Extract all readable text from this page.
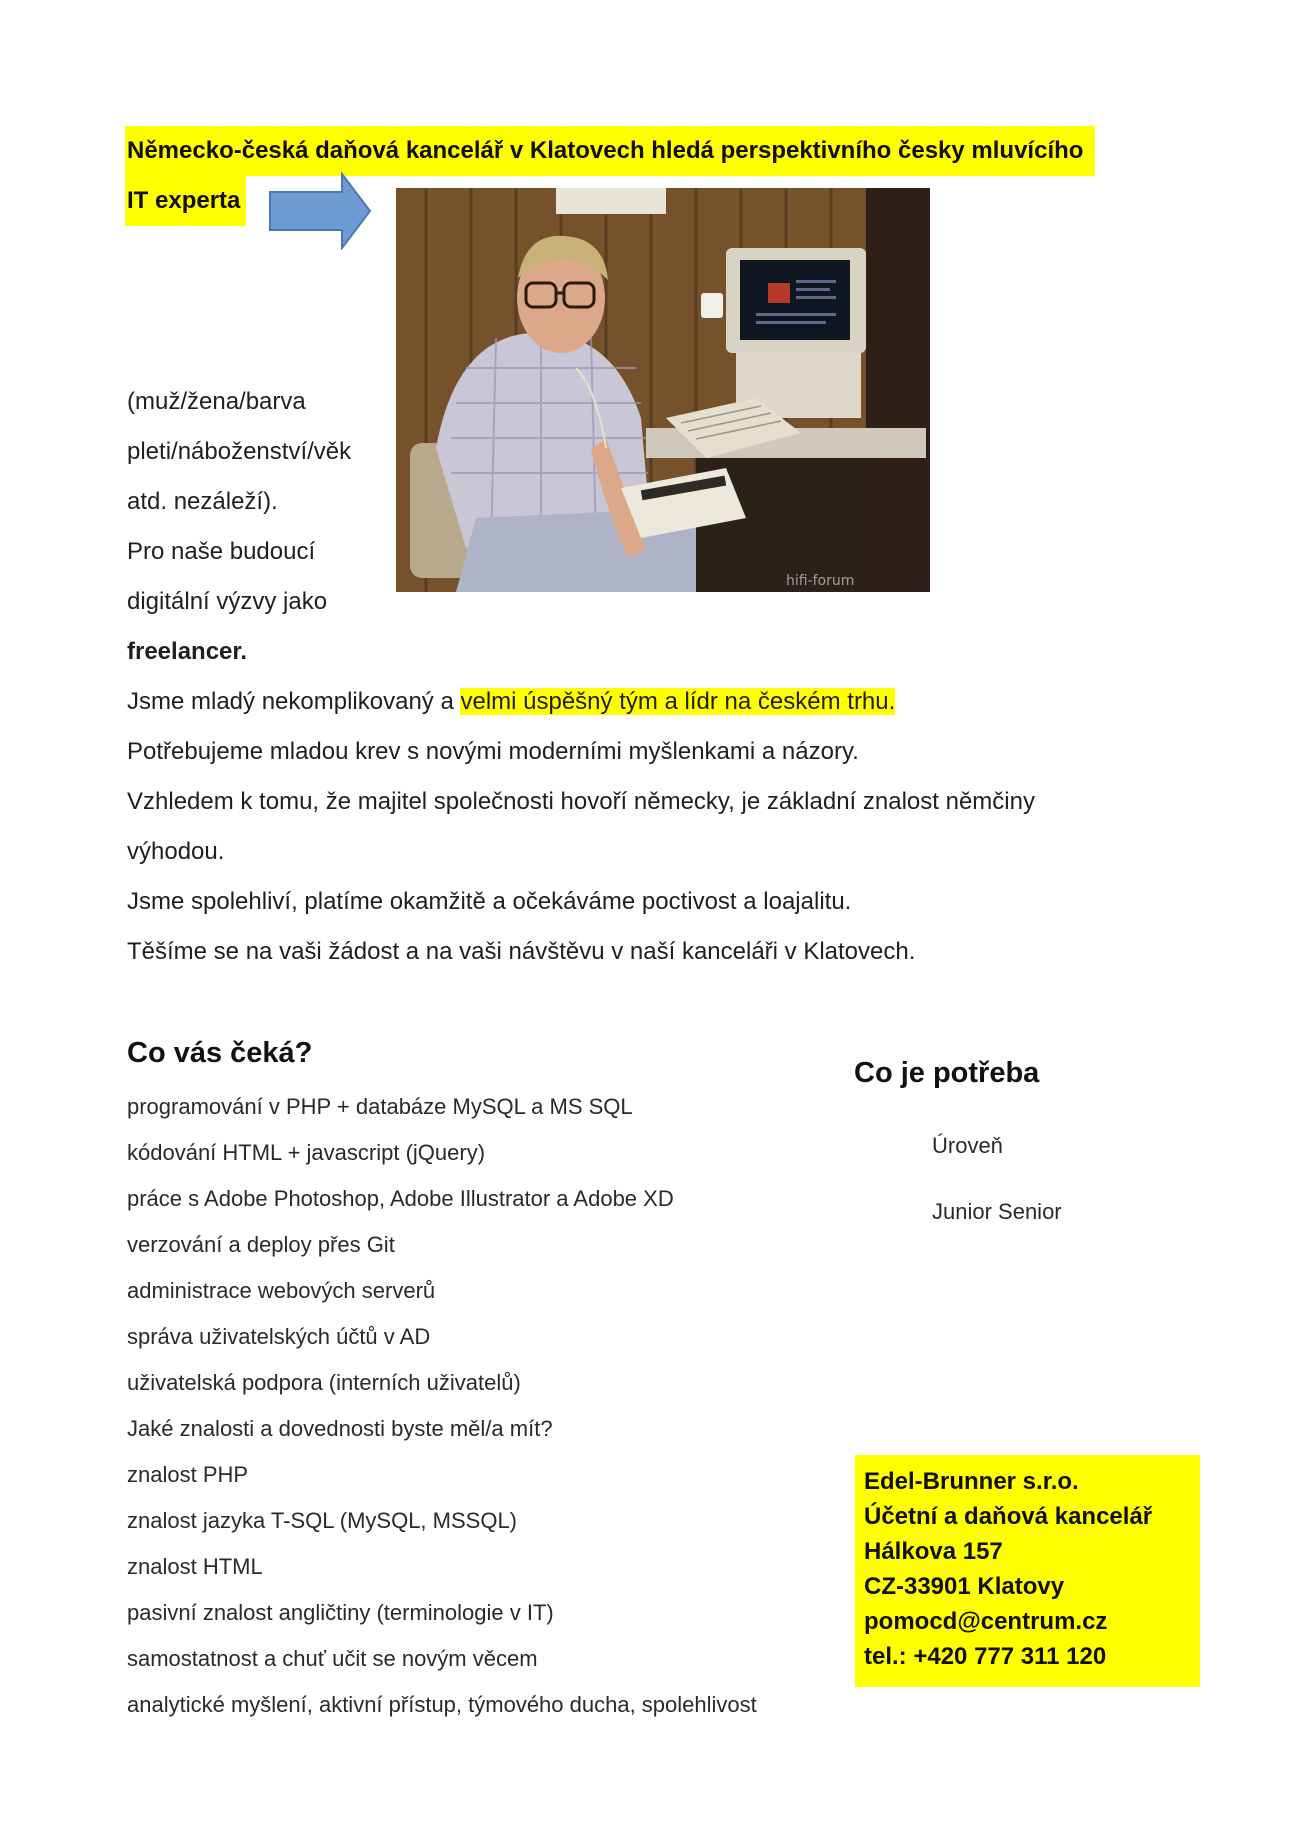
Německo-česká daňová kancelář v Klatovech hledá perspektivního česky mluvícího
IT experta
hifi-forum
(muž/žena/barva
pleti/náboženství/věk
atd. nezáleží).
Pro naše budoucí
digitální výzvy jako
freelancer.
Jsme mladý nekomplikovaný a velmi úspěšný tým a lídr na českém trhu.
Potřebujeme mladou krev s novými moderními myšlenkami a názory.
Vzhledem k tomu, že majitel společnosti hovoří německy, je základní znalost němčiny
výhodou.
Jsme spolehliví, platíme okamžitě a očekáváme poctivost a loajalitu.
Těšíme se na vaši žádost a na vaši návštěvu v naší kanceláři v Klatovech.
Co vás čeká?
programování v PHP + databáze MySQL a MS SQL
kódování HTML + javascript (jQuery)
práce s Adobe Photoshop, Adobe Illustrator a Adobe XD
verzování a deploy přes Git
administrace webových serverů
správa uživatelských účtů v AD
uživatelská podpora (interních uživatelů)
Jaké znalosti a dovednosti byste měl/a mít?
znalost PHP
znalost jazyka T-SQL (MySQL, MSSQL)
znalost HTML
pasivní znalost angličtiny (terminologie v IT)
samostatnost a chuť učit se novým věcem
analytické myšlení, aktivní přístup, týmového ducha, spolehlivost
Co je potřeba
Úroveň
Junior Senior
Edel-Brunner s.r.o.
Účetní a daňová kancelář
Hálkova 157
CZ-33901 Klatovy
pomocd@centrum.cz
tel.: +420 777 311 120
